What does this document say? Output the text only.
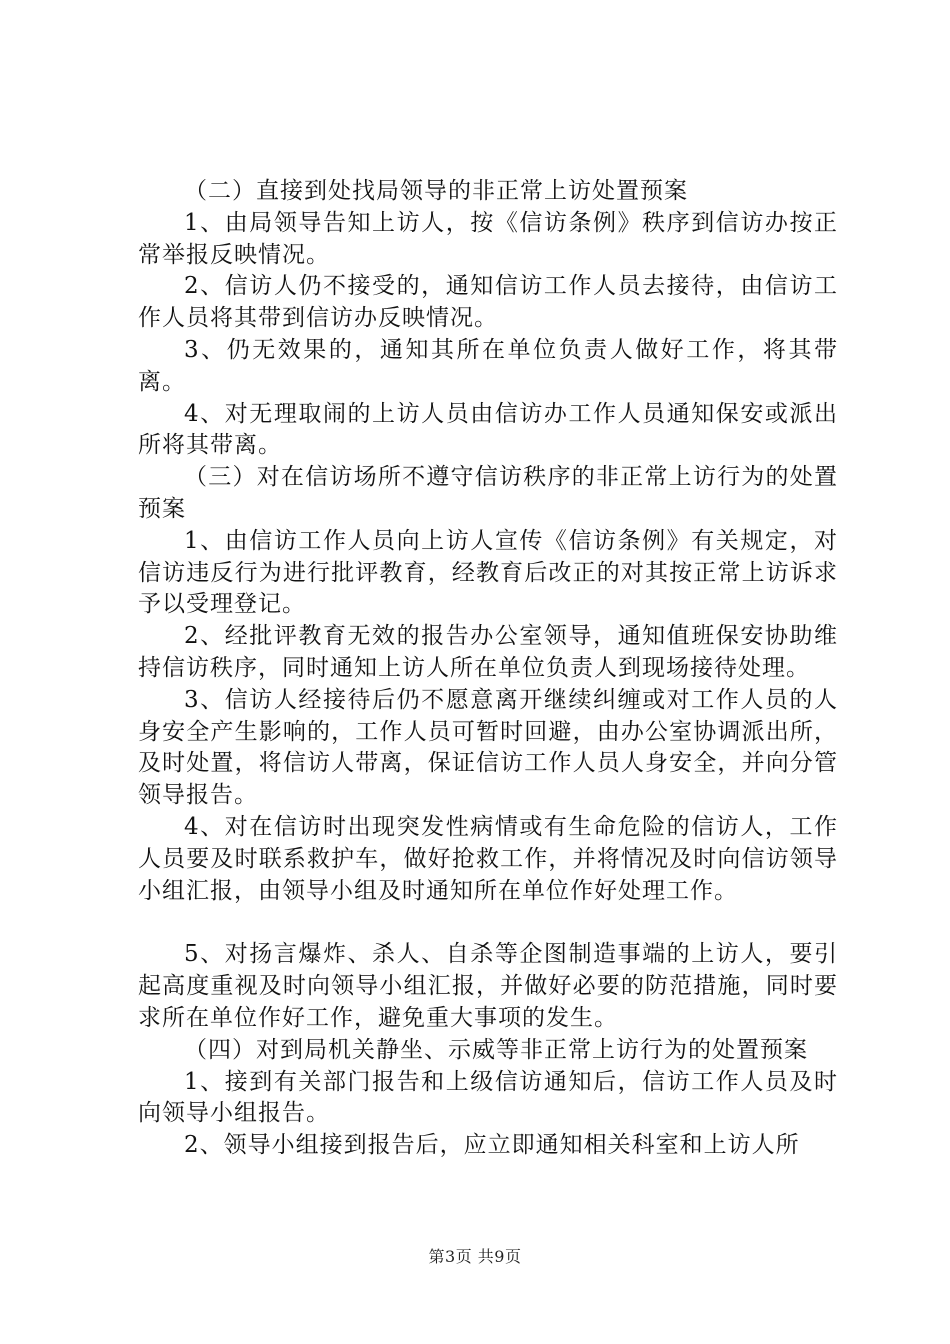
（二）直接到处找局领导的非正常上访处置预案

1、由局领导告知上访人，按《信访条例》秩序到信访办按正常举报反映情况。

2、信访人仍不接受的，通知信访工作人员去接待，由信访工作人员将其带到信访办反映情况。

3、仍无效果的，通知其所在单位负责人做好工作，将其带离。

4、对无理取闹的上访人员由信访办工作人员通知保安或派出所将其带离。

（三）对在信访场所不遵守信访秩序的非正常上访行为的处置预案

1、由信访工作人员向上访人宣传《信访条例》有关规定，对信访违反行为进行批评教育，经教育后改正的对其按正常上访诉求予以受理登记。

2、经批评教育无效的报告办公室领导，通知值班保安协助维持信访秩序，同时通知上访人所在单位负责人到现场接待处理。

3、信访人经接待后仍不愿意离开继续纠缠或对工作人员的人身安全产生影响的，工作人员可暂时回避，由办公室协调派出所，及时处置，将信访人带离，保证信访工作人员人身安全，并向分管领导报告。

4、对在信访时出现突发性病情或有生命危险的信访人，工作人员要及时联系救护车，做好抢救工作，并将情况及时向信访领导小组汇报，由领导小组及时通知所在单位作好处理工作。

5、对扬言爆炸、杀人、自杀等企图制造事端的上访人，要引起高度重视及时向领导小组汇报，并做好必要的防范措施，同时要求所在单位作好工作，避免重大事项的发生。

（四）对到局机关静坐、示威等非正常上访行为的处置预案

1、接到有关部门报告和上级信访通知后，信访工作人员及时向领导小组报告。

2、领导小组接到报告后，应立即通知相关科室和上访人所

第3页 共9页
